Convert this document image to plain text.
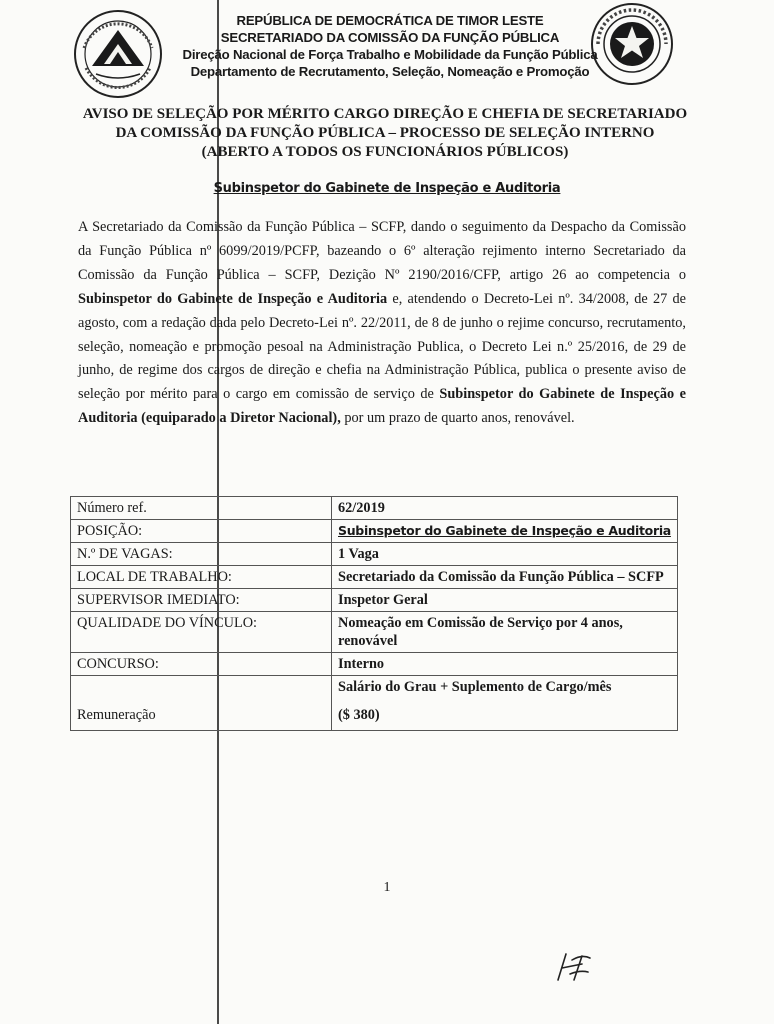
REPÚBLICA DE DEMOCRÁTICA DE TIMOR LESTE
SECRETARIADO DA COMISSÃO DA FUNÇÃO PÚBLICA
Direção Nacional de Força Trabalho e Mobilidade da Função Pública
Departamento de Recrutamento, Seleção, Nomeação e Promoção
AVISO DE SELEÇÃO POR MÉRITO CARGO DIREÇÃO E CHEFIA DE SECRETARIADO
DA COMISSÃO DA FUNÇÃO PÚBLICA – PROCESSO DE SELEÇÃO INTERNO
(ABERTO A TODOS OS FUNCIONÁRIOS PÚBLICOS)
Subinspetor do Gabinete de Inspeção e Auditoria
A Secretariado da Comissão da Função Pública – SCFP, dando o seguimento da Despacho da Comissão da Função Pública nº 6099/2019/PCFP, bazeando o 6º alteração rejimento interno Secretariado da Comissão da Função Pública – SCFP, Dezição Nº 2190/2016/CFP, artigo 26 ao competencia o Subinspetor do Gabinete de Inspeção e Auditoria e, atendendo o Decreto-Lei nº. 34/2008, de 27 de agosto, com a redação dada pelo Decreto-Lei nº. 22/2011, de 8 de junho o rejime concurso, recrutamento, seleção, nomeação e promoção pesoal na Administração Publica, o Decreto Lei n.º 25/2016, de 29 de junho, de regime dos cargos de direção e chefia na Administração Pública, publica o presente aviso de seleção por mérito para o cargo em comissão de serviço de Subinspetor do Gabinete de Inspeção e Auditoria (equiparado a Diretor Nacional), por um prazo de quarto anos, renovável.
Número ref.	62/2019
POSIÇÃO:	Subinspetor do Gabinete de Inspeção e Auditoria
N.º DE VAGAS:	1 Vaga
LOCAL DE TRABALHO:	Secretariado da Comissão da Função Pública – SCFP
SUPERVISOR IMEDIATO:	Inspetor Geral
QUALIDADE DO VÍNCULO:	Nomeação em Comissão de Serviço por 4 anos, renovável
CONCURSO:	Interno
Remuneração	Salário do Grau + Suplemento de Cargo/mês
($ 380)
1
